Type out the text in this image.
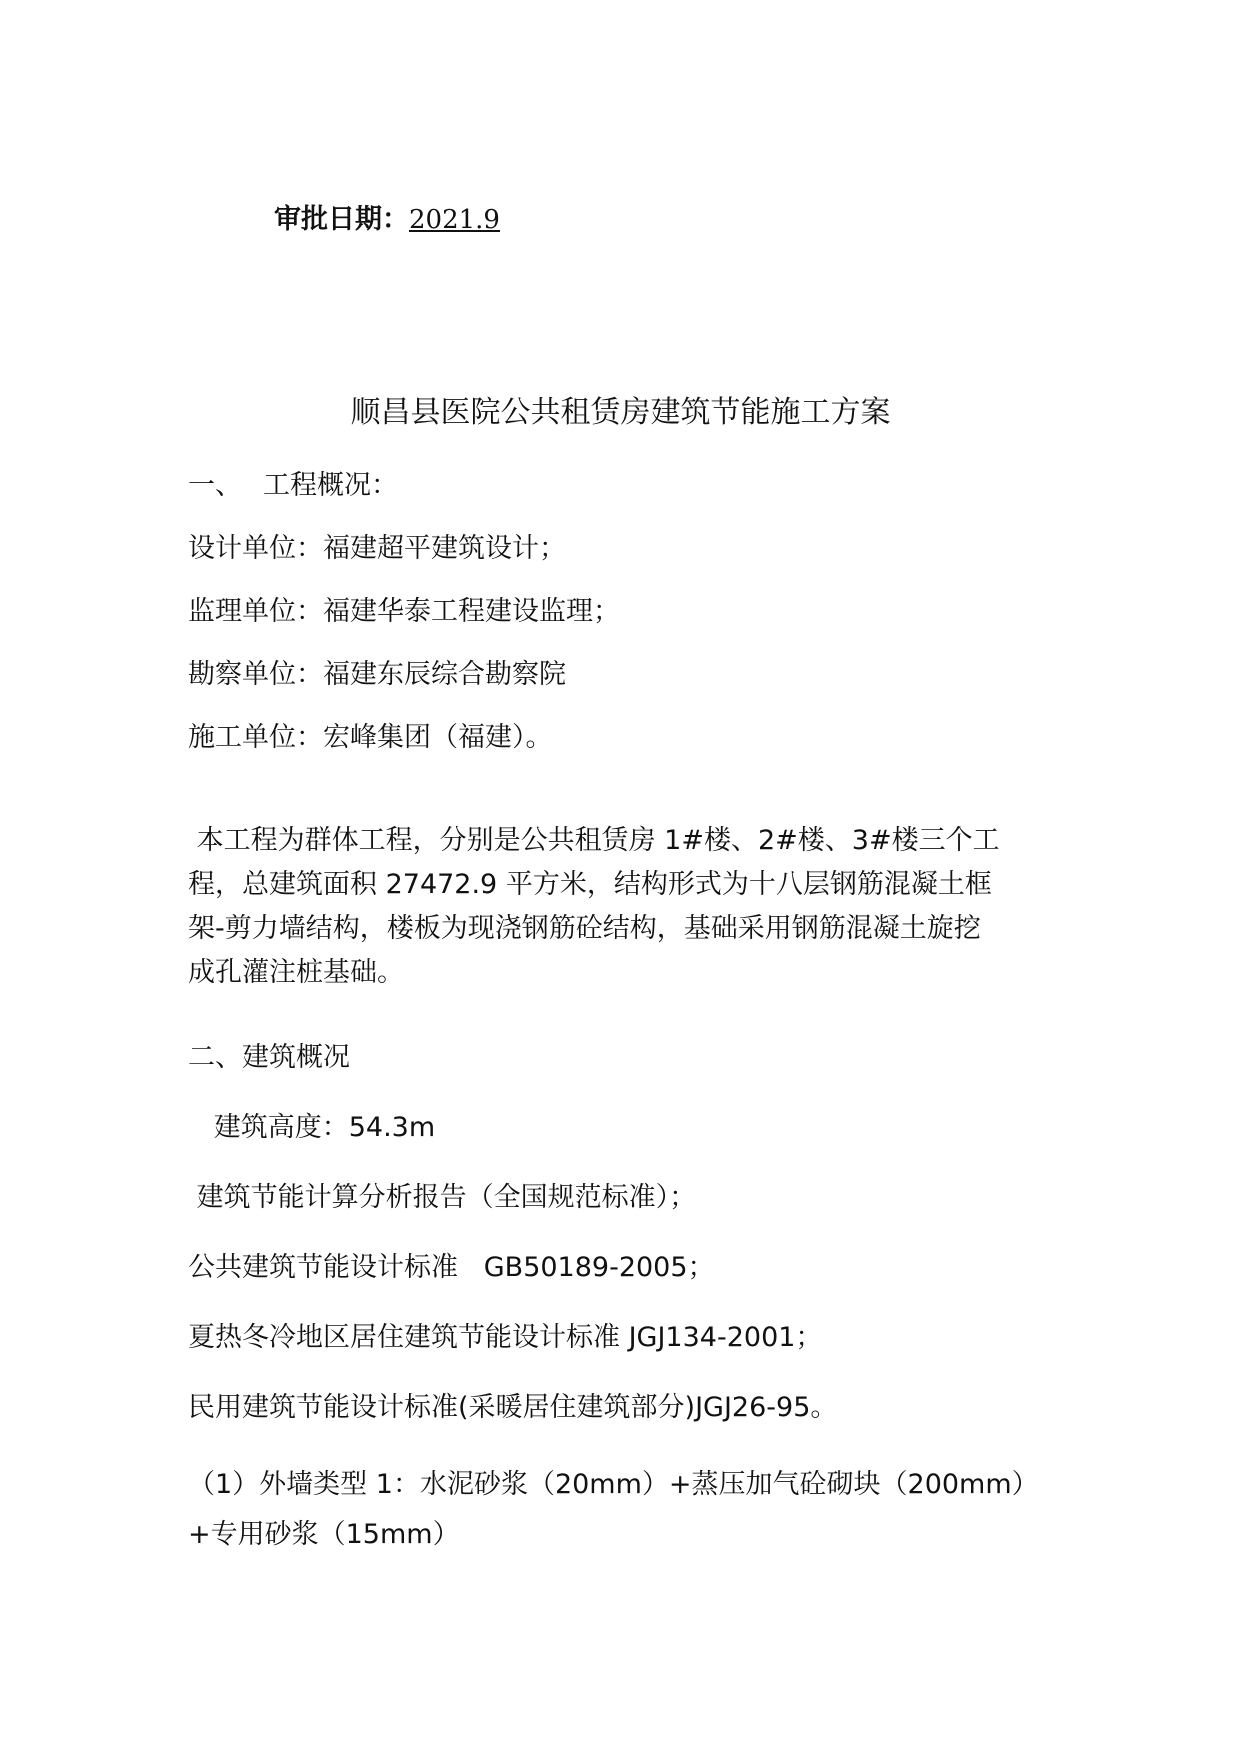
审批日期：2021.9
顺昌县医院公共租赁房建筑节能施工方案
一、 工程概况：
设计单位：福建超平建筑设计；
监理单位：福建华泰工程建设监理；
勘察单位：福建东辰综合勘察院
施工单位：宏峰集团（福建）。

本工程为群体工程，分别是公共租赁房 1#楼、2#楼、3#楼三个工

程，总建筑面积 27472.9 平方米，结构形式为十八层钢筋混凝土框

架-剪力墙结构，楼板为现浇钢筋砼结构，基础采用钢筋混凝土旋挖

成孔灌注桩基础。

二、建筑概况
建筑高度：54.3m
建筑节能计算分析报告（全国规范标准）；
公共建筑节能设计标准   GB50189-2005；
夏热冬冷地区居住建筑节能设计标准 JGJ134-2001；
民用建筑节能设计标准(采暖居住建筑部分)JGJ26-95。

（1）外墙类型 1：水泥砂浆（20mm）+蒸压加气砼砌块（200mm）

+专用砂浆（15mm）
